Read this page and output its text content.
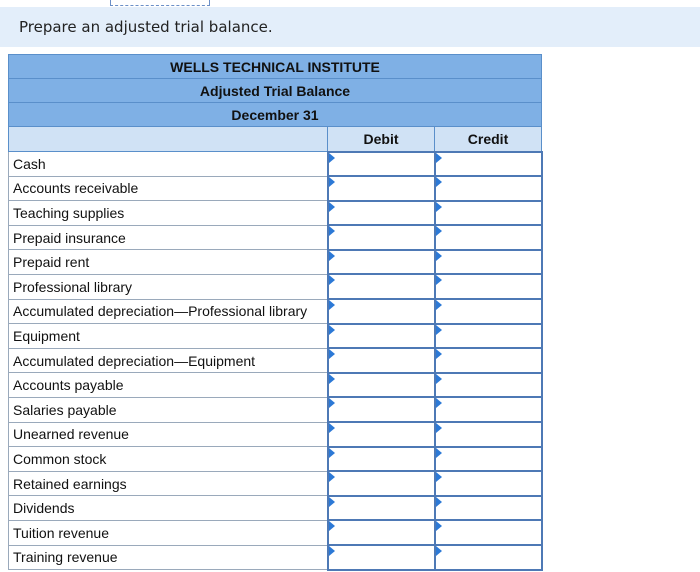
Prepare an adjusted trial balance.
WELLS TECHNICAL INSTITUTE		
Adjusted Trial Balance		
December 31		
	Debit	Credit
Cash		
Accounts receivable		
Teaching supplies		
Prepaid insurance		
Prepaid rent		
Professional library		
Accumulated depreciation—Professional library		
Equipment		
Accumulated depreciation—Equipment		
Accounts payable		
Salaries payable		
Unearned revenue		
Common stock		
Retained earnings		
Dividends		
Tuition revenue		
Training revenue		
